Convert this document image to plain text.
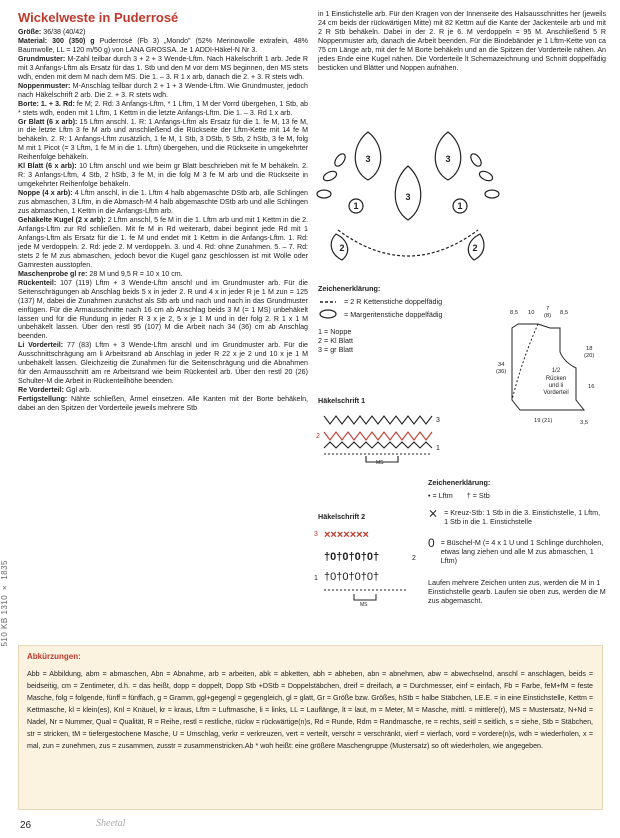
510 KB 1310 × 1835
Wickelweste in Puderrosé

Größe: 36/38 (40/42)

Material: 300 (350) g Puderrosé (Fb 3) „Mondo" (52% Merinowolle extrafein, 48% Baumwolle, LL = 120 m/50 g) von LANA GROSSA. Je 1 ADDI-Häkel-N Nr 3.

Grundmuster: M-Zahl teilbar durch 3 + 2 + 3 Wende-Lftm. Nach Häkelschrift 1 arb. Jede R mit 3 Anfangs-Lftm als Ersatz für das 1. Stb und den M vor dem MS beginnen, den MS stets wdh, enden mit dem M nach dem MS. Die 1. – 3. R 1 x arb, danach die 2. + 3. R stets wdh.

Noppenmuster: M-Anschlag teilbar durch 2 + 1 + 3 Wende-Lftm. Wie Grundmuster, jedoch nach Häkelschrift 2 arb. Die 2. + 3. R stets wdh.

Borte: 1. + 3. Rd: fe M; 2. Rd: 3 Anfangs-Lftm, * 1 Lftm, 1 M der Vorrd übergehen, 1 Stb, ab * stets wdh, enden mit 1 Lftm, 1 Kettm in die letzte Anfangs-Lftm. Die 1. – 3. Rd 1 x arb.

Gr Blatt (6 x arb): 15 Lftm anschl. 1. R: 1 Anfangs-Lftm als Ersatz für die 1. fe M, 13 fe M, in die letzte Lftm 3 fe M arb und anschließend die Rückseite der Lftm-Kette mit 14 fe M behäkeln. 2. R: 1 Anfangs-Lftm zusätzlich, 1 fe M, 1 Stb, 3 DStb, 5 Stb, 2 hStb, 3 fe M, folg M mit 1 Picot (= 3 Lftm, 1 fe M in die 1. Lftm) übergehen, und die Rückseite in umgekehrter Reihenfolge behäkeln.

Kl Blatt (6 x arb): 10 Lftm anschl und wie beim gr Blatt beschrieben mit fe M behäkeln. 2. R: 3 Anfangs-Lftm, 4 Stb, 2 hStb, 3 fe M, in die folg M 3 fe M arb und die Rückseite in umgekehrter Reihenfolge behäkeln.

Noppe (4 x arb): 4 Lftm anschl, in die 1. Lftm 4 halb abgemaschte DStb arb, alle Schlingen zus abmaschen, 3 Lftm, in die Abmasch-M 4 halb abgemaschte DStb arb und alle Schlingen zus abmaschen, 1 Kettm in die Anfangs-Lftm arb.

Gehäkelte Kugel (2 x arb): 2 Lftm anschl, 5 fe M in die 1. Lftm arb und mit 1 Kettm in die 2. Anfangs-Lftm zur Rd schließen. Mit fe M in Rd weiterarb, dabei beginnt jede Rd mit 1 Anfangs-Lftm als Ersatz für die 1. fe M und endet mit 1 Kettm in die Anfangs-Lftm. 1. Rd: jede M verdoppeln. 2. Rd: jede 2. M verdoppeln. 3. und 4. Rd: ohne Zunahmen. 5. – 7. Rd: stets 2 fe M zus abmaschen, jedoch bevor die Kugel ganz geschlossen ist mit Wolle oder Garnresten ausstopfen.

Maschenprobe gl re: 28 M und 9,5 R = 10 x 10 cm.

Rückenteil: 107 (119) Lftm + 3 Wende-Lftm anschl und im Grundmuster arb. Für die Seitenschrägungen ab Anschlag beids 5 x in jeder 2. R und 4 x in jeder R je 1 M zun = 125 (137) M, dabei die Zunahmen zunächst als Stb arb und nach und nach in das Grundmuster einfügen. Für die Armausschnitte nach 16 cm ab Anschlag beids 3 M (= 1 MS) unbehäkelt lassen und für die Rundung in jeder R 3 x je 2, 5 x je 1 M und in der folg 2. R 1 x 1 M unbehäkelt lassen. Über den restl 95 (107) M die Arbeit nach 34 (36) cm ab Anschlag beenden.

Li Vorderteil: 77 (83) Lftm + 3 Wende-Lftm anschl und im Grundmuster arb. Für die Ausschnittschrägung am li Arbeitsrand ab Anschlag in jeder R 22 x je 2 und 10 x je 1 M unbehäkelt lassen. Gleichzeitig die Zunahmen für die Seitenschrägung und die Abnahmen für den Armausschnitt am re Arbeitsrand wie beim Rückenteil arb. Über den restl 20 (26) Schulter-M die Arbeit in Rückenteilhöhe beenden.

Re Vorderteil: Ggl arb.

Fertigstellung: Nähte schließen, Ärmel einsetzen. Alle Kanten mit der Borte behäkeln, dabei an den Spitzen der Vorderteile jeweils mehrere Stb

in 1 Einstichstelle arb. Für den Kragen von der Innenseite des Halsausschnittes her (jeweils 24 cm beids der rückwärtigen Mitte) mit 82 Kettm auf die Kante der Jackenteile arb und mit 2 R Stb behäkeln. Dabei in der 2. R je 6. M verdoppeln = 95 M. Anschließend 5 R Noppenmuster arb, danach die Arbeit beenden. Für die Bindebänder je 1 Lftm-Kette von ca 75 cm Länge arb, mit der fe M Borte behäkeln und an die Spitzen der Vorderteile nähen. An jedes Ende eine Kugel nähen. Die Vorderteile lt Schemazeichnung und Schnitt doppelfädig besticken und Blätter und Noppen aufnähen.
3	3
3
2	2
1	1
Zeichenerklärung:
= 2 R Kettenstiche doppelfädig
= Margeritenstiche doppelfädig
1 = Noppe
2 = Kl Blatt
3 = gr Blatt
8,5 10
7
(8) 8,5
34
(36)
18
(20)
16
19 (21)	3,5
1/2
Rücken
und li
Vorderteil
Häkelschrift 1
3
2
1
MS
Zeichenerklärung:
• = Lftm † = Stb
⨯ = Kreuz-Stb: 1 Stb in die 3. Einstichstelle, 1 Lftm, 1 Stb in die 1. Einstichstelle
0 = Büschel-M (= 4 x 1 U und 1 Schlinge durchholen, etwas lang ziehen und alle M zus abmaschen, 1 Lftm)
Laufen mehrere Zeichen unten zus, werden die M in 1 Einstichstelle gearb. Laufen sie oben zus, werden die M zus abgemascht.
Häkelschrift 2
×××××××
†0†0†0†0†
†0†0†0†0†
3
2
1
MS
Abkürzungen:
Abb = Abbildung, abm = abmaschen, Abn = Abnahme, arb = arbeiten, abk = abketten, abh = abheben, abn = abnehmen, abw = abwechselnd, anschl = anschlagen, beids = beidseitig, cm = Zentimeter, d.h. = das heißt, dopp = doppelt, Dopp Stb +DStb = Doppelstäbchen, dreif = dreifach, ø = Durchmesser, einf = einfach, Fb = Farbe, feM+fM = feste Masche, folg = folgende, fünff = fünffach, g = Gramm, ggl+gegengl = gegengleich, gl = glatt, Gr = Größe bzw. Größes, hStb = halbe Stäbchen, LE.E. = in eine Einstichstelle, Kettm = Kettmasche, kl = klein(es), Knl = Knäuel, kr = kraus, Lftm = Luftmasche, li = links, LL = Lauflänge, lt = laut, m = Meter, M = Masche, mittl. = mittlere(r), MS = Mustersatz, N+Nd = Nadel, Nr = Nummer, Qual = Qualität, R = Reihe, restl = restliche, rückw = rückwärtige(n)s, Rd = Runde, Rdm = Randmasche, re = rechts, seitl = seitlich, s = siehe, Stb = Stäbchen, str = stricken, tM = tiefergestochene Masche, U = Umschlag, verkr = verkreuzen, vert = verteilt, verschr = verschränkt, vierf = vierfach, vord = vordere(n)s, wdh = wiederholen, x = mal, zun = zunehmen, zus = zusammen, zusstr = zusammenstricken.Ab * woh heißt: eine größere Maschengruppe (Mustersatz) so oft wiederholen, wie angegeben.
26	Sheetal
